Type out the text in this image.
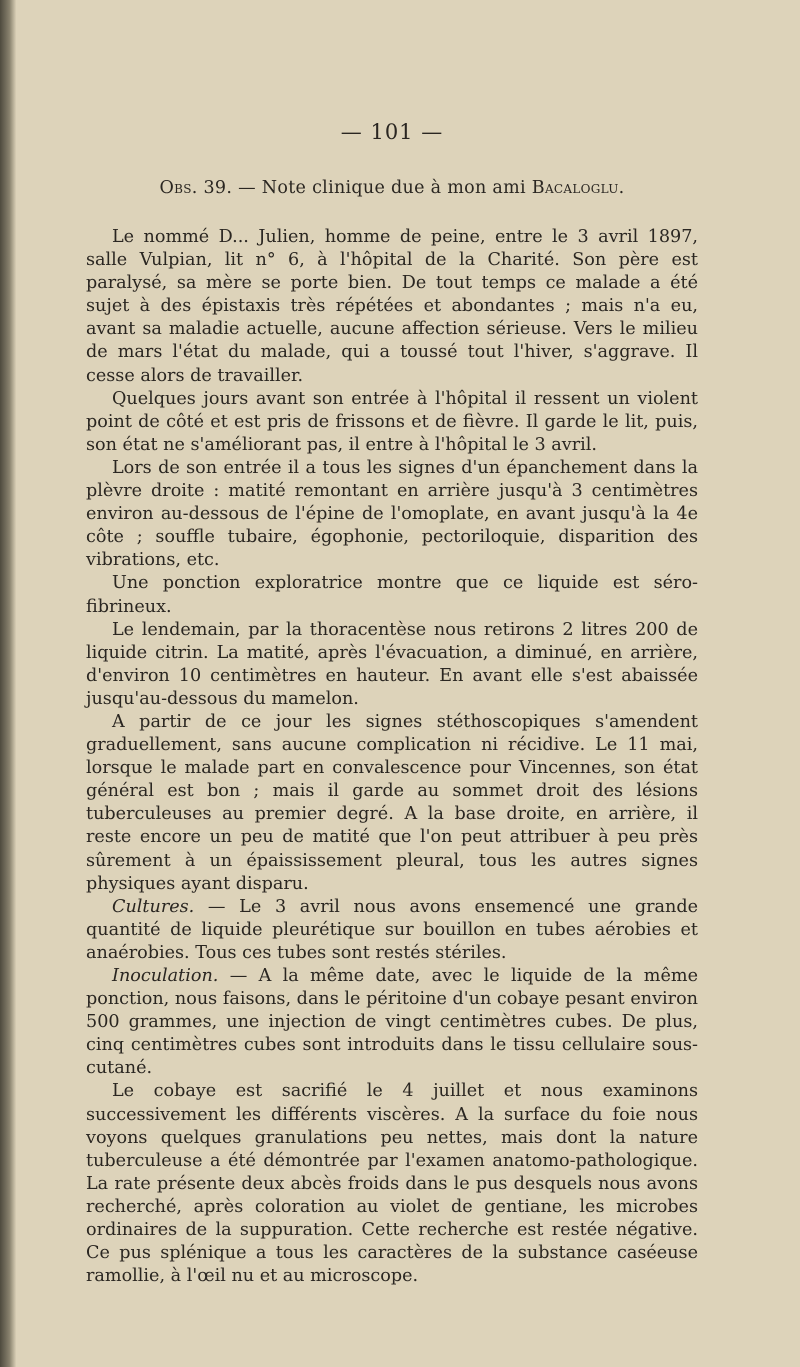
— 101 —
Obs. 39. — Note clinique due à mon ami Bacaloglu.

Le nommé D... Julien, homme de peine, entre le 3 avril 1897, salle Vulpian, lit n° 6, à l'hôpital de la Charité. Son père est paralysé, sa mère se porte bien. De tout temps ce malade a été sujet à des épistaxis très répétées et abondantes ; mais n'a eu, avant sa maladie actuelle, aucune affection sérieuse. Vers le milieu de mars l'état du malade, qui a toussé tout l'hiver, s'aggrave. Il cesse alors de travailler.

Quelques jours avant son entrée à l'hôpital il ressent un violent point de côté et est pris de frissons et de fièvre. Il garde le lit, puis, son état ne s'améliorant pas, il entre à l'hôpital le 3 avril.

Lors de son entrée il a tous les signes d'un épanchement dans la plèvre droite : matité remontant en arrière jusqu'à 3 centimètres environ au-dessous de l'épine de l'omoplate, en avant jusqu'à la 4e côte ; souffle tubaire, égophonie, pectoriloquie, disparition des vibrations, etc.

Une ponction exploratrice montre que ce liquide est séro-fibrineux.

Le lendemain, par la thoracentèse nous retirons 2 litres 200 de liquide citrin. La matité, après l'évacuation, a diminué, en arrière, d'environ 10 centimètres en hauteur. En avant elle s'est abaissée jusqu'au-dessous du mamelon.

A partir de ce jour les signes stéthoscopiques s'amendent graduellement, sans aucune complication ni récidive. Le 11 mai, lorsque le malade part en convalescence pour Vincennes, son état général est bon ; mais il garde au sommet droit des lésions tuberculeuses au premier degré. A la base droite, en arrière, il reste encore un peu de matité que l'on peut attribuer à peu près sûrement à un épaississement pleural, tous les autres signes physiques ayant disparu.

Cultures. — Le 3 avril nous avons ensemencé une grande quantité de liquide pleurétique sur bouillon en tubes aérobies et anaérobies. Tous ces tubes sont restés stériles.

Inoculation. — A la même date, avec le liquide de la même ponction, nous faisons, dans le péritoine d'un cobaye pesant environ 500 grammes, une injection de vingt centimètres cubes. De plus, cinq centimètres cubes sont introduits dans le tissu cellulaire sous-cutané.

Le cobaye est sacrifié le 4 juillet et nous examinons successivement les différents viscères. A la surface du foie nous voyons quelques granulations peu nettes, mais dont la nature tuberculeuse a été démontrée par l'examen anatomo-pathologique. La rate présente deux abcès froids dans le pus desquels nous avons recherché, après coloration au violet de gentiane, les microbes ordinaires de la suppuration. Cette recherche est restée négative. Ce pus splénique a tous les caractères de la substance caséeuse ramollie, à l'œil nu et au microscope.
